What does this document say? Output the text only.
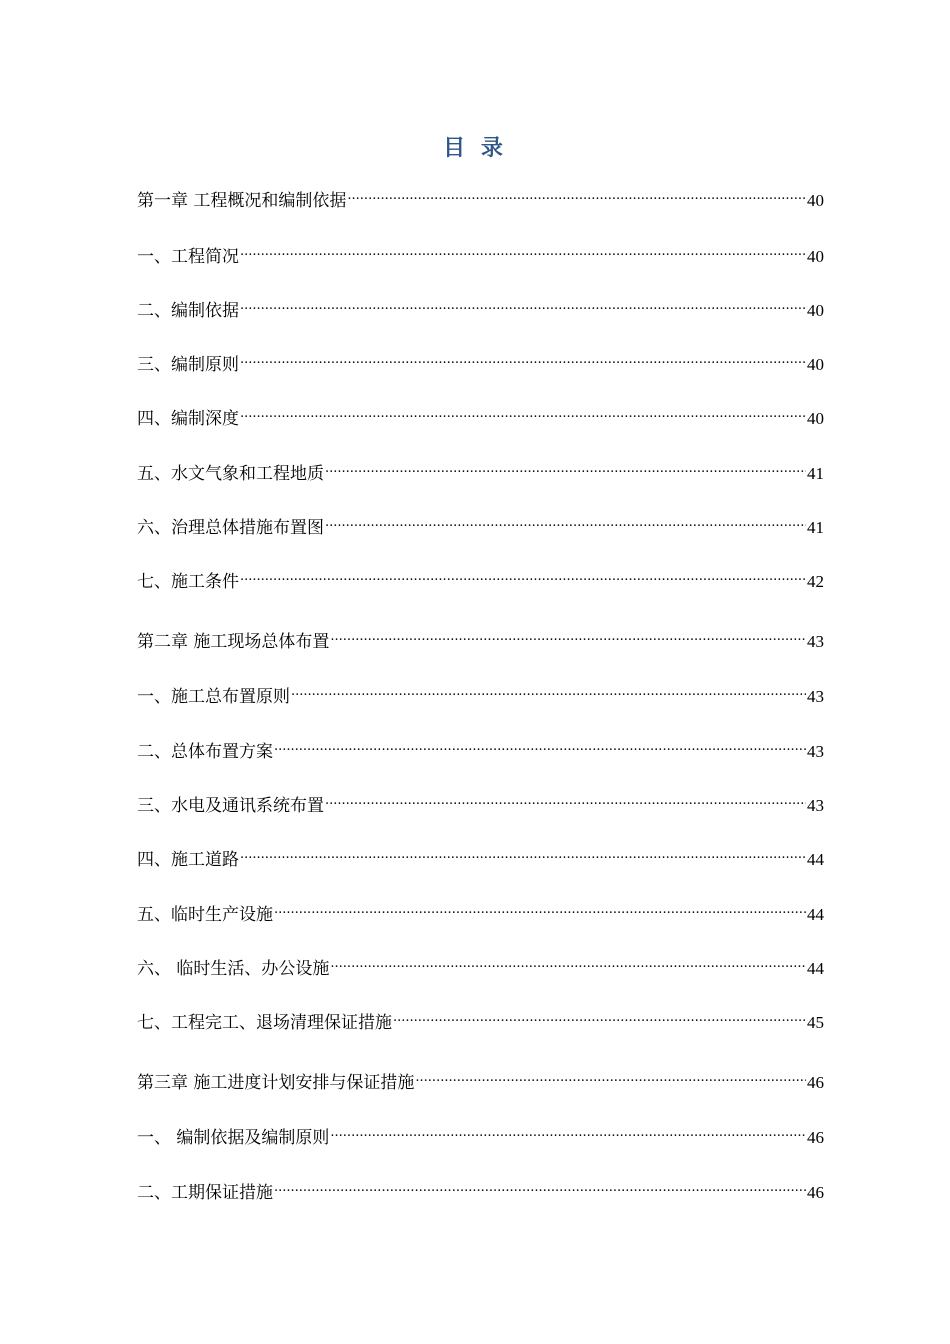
目 录
第一章 工程概况和编制依据 .....	40
一、工程简况 .....	40
二、编制依据 .....	40
三、编制原则 .....	40
四、编制深度 .....	40
五、水文气象和工程地质 .....	41
六、治理总体措施布置图 .....	41
七、施工条件 .....	42
第二章 施工现场总体布置 .....	43
一、施工总布置原则 .....	43
二、总体布置方案 .....	43
三、水电及通讯系统布置 .....	43
四、施工道路 .....	44
五、临时生产设施 .....	44
六、 临时生活、办公设施 .....	44
七、工程完工、退场清理保证措施 .....	45
第三章 施工进度计划安排与保证措施 .....	46
一、 编制依据及编制原则 .....	46
二、工期保证措施 .....	46
